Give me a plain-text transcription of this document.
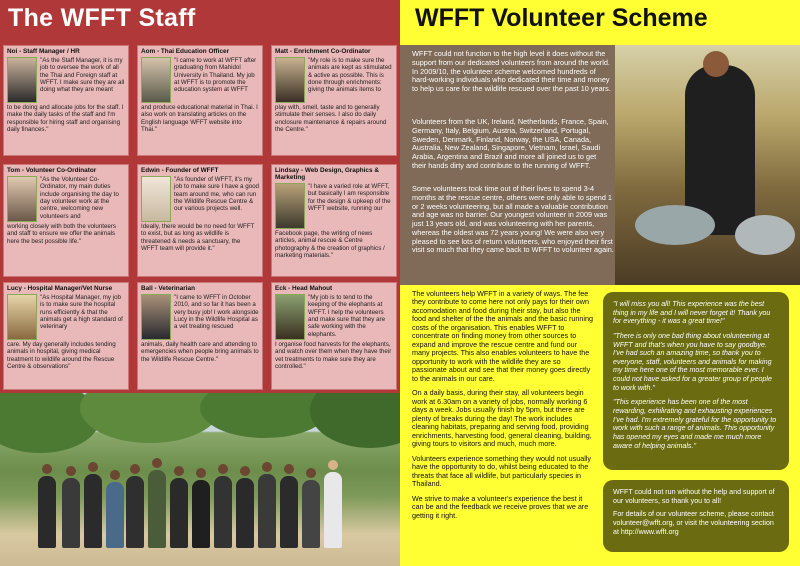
The WFFT Staff
Noi - Staff Manager / HR
"As the Staff Manager, it is my job to oversee the work of all the Thai and Foreign staff at WFFT. I make sure they are all doing what they are meant
to be doing and allocate jobs for the staff. I make the daily tasks of the staff and I'm responsible for hiring staff and organising daily finances."
Aom - Thai Education Officer
"I came to work at WFFT after graduating from Mahidol University in Thailand. My job at WFFT is to promote the education system at WFFT
and produce educational material in Thai. I also work on translating articles on the English language WFFT website into Thai."
Matt - Enrichment Co-Ordinator
"My role is to make sure the animals are kept as stimulated & active as possible. This is done through enrichments: giving the animals items to
play with, smell, taste and to generally stimulate their senses. I also do daily enclosure maintenance & repairs around the Centre."
Tom - Volunteer Co-Ordinator
"As the Volunteer Co-Ordinator, my main duties include organising the day to day volunteer work at the centre, welcoming new volunteers and
working closely with both the volunteers and staff to ensure we offer the animals here the best possible life."
Edwin - Founder of WFFT
"As founder of WFFT, it's my job to make sure I have a good team around me, who can run the Wildlife Rescue Centre & our various projects well.
Ideally, there would be no need for WFFT to exist, but as long as wildlife is threatened & needs a sanctuary, the WFFT team will provide it."
Lindsay - Web Design, Graphics & Marketing
"I have a varied role at WFFT, but basically I am responsible for the design & upkeep of the WFFT website, running our
Facebook page, the writing of news articles, animal rescue & Centre photography & the creation of graphics / marketing materials."
Lucy - Hospital Manager/Vet Nurse
"As Hospital Manager, my job is to make sure the hospital runs efficiently & that the animals get a high standard of veterinary
care. My day generally includes tending animals in hospital, giving medical treatment to wildlife around the Rescue Centre & observations"
Ball - Veterinarian
"I came to WFFT in October 2010, and so far it has been a very busy job! I work alongside Lucy in the Wildlife Hospital as a vet treating rescued
animals, daily health care and attending to emergencies when people bring animals to the Wildlife Rescue Centre."
Eck - Head Mahout
"My job is to tend to the keeping of the elephants at WFFT. I help the volunteers and make sure that they are safe working with the elephants.
I organise food harvests for the elephants, and watch over them when they have their vet treatments to make sure they are controlled."
WFFT Volunteer Scheme
WFFT could not function to the high level it does without the support from our dedicated volunteers from around the world. In 2009/10, the volunteer scheme welcomed hundreds of hard-working individuals who dedicated their time and money to help us care for the wildlife rescued over the past 10 years.
Volunteers from the UK, Ireland, Netherlands, France, Spain, Germany, Italy, Belgium, Austria, Switzerland, Portugal, Sweden, Denmark, Finland, Norway, the USA, Canada, Australia, New Zealand, Singapore, Vietnam, Israel, Saudi Arabia, Argentina and Brazil and more all joined us to get their hands dirty and contribute to the running of WFFT.
Some volunteers took time out of their lives to spend 3-4 months at the rescue centre, others were only able to spend 1 or 2 weeks volunteering, but all made a valuable contribution and age was no barrier. Our youngest volunteer in 2009 was just 13 years old, and was volunteering with her parents, whereas the oldest was 72 years young! We were also very pleased to see lots of return volunteers, who enjoyed their first visit so much that they came back to WFFT to volunteer again.

The volunteers help WFFT in a variety of ways. The fee they contribute to come here not only pays for their own accomodation and food during their stay, but also the food and shelter of the the animals and the basic running costs of the organisation. This enables WFFT to concentrate on finding money from other sources to expand and improve the rescue centre and fund our many projects. This also enables volunteers to have the opportunity to work with the wildlife they are so passionate about and see that their money goes directly to the animals in our care.

On a daily basis, during their stay, all volunteers begin work at 6.30am on a variety of jobs, normally working 6 days a week. Jobs usually finish by 5pm, but there are plenty of breaks during the day! The work includes cleaning habitats, preparing and serving food, providing enrichments, harvesting food, general cleaning, building, giving tours to visitors and much, much more.

Volunteers experience something they would not usually have the opportunity to do, whilst being educated to the threats that face all wildlife, but particularly species in Thailand.

We strive to make a volunteer's experience the best it can be and the feedback we receive proves that we are getting it right.

"I will miss you all! This experience was the best thing in my life and I will never forget it! Thank you for everything - it was a great time!"

"There is only one bad thing about volunteering at WFFT and that's when you have to say goodbye. I've had such an amazing time, so thank you to everyone, staff, volunteers and animals for making my time here one of the most memorable ever. I could not have asked for a greater group of people to work with."

"This experience has been one of the most rewarding, exhilirating and exhausting experiences I've had. I'm extremely grateful for the opportunity to work with such a range of animals. This opportunity has opened my eyes and made me much more aware of helping animals."

WFFT could not run without the help and support of our volunteers, so thank you to all!

For details of our volunteer scheme, please contact volunteer@wfft.org, or visit the volunteering section at http://www.wfft.org
